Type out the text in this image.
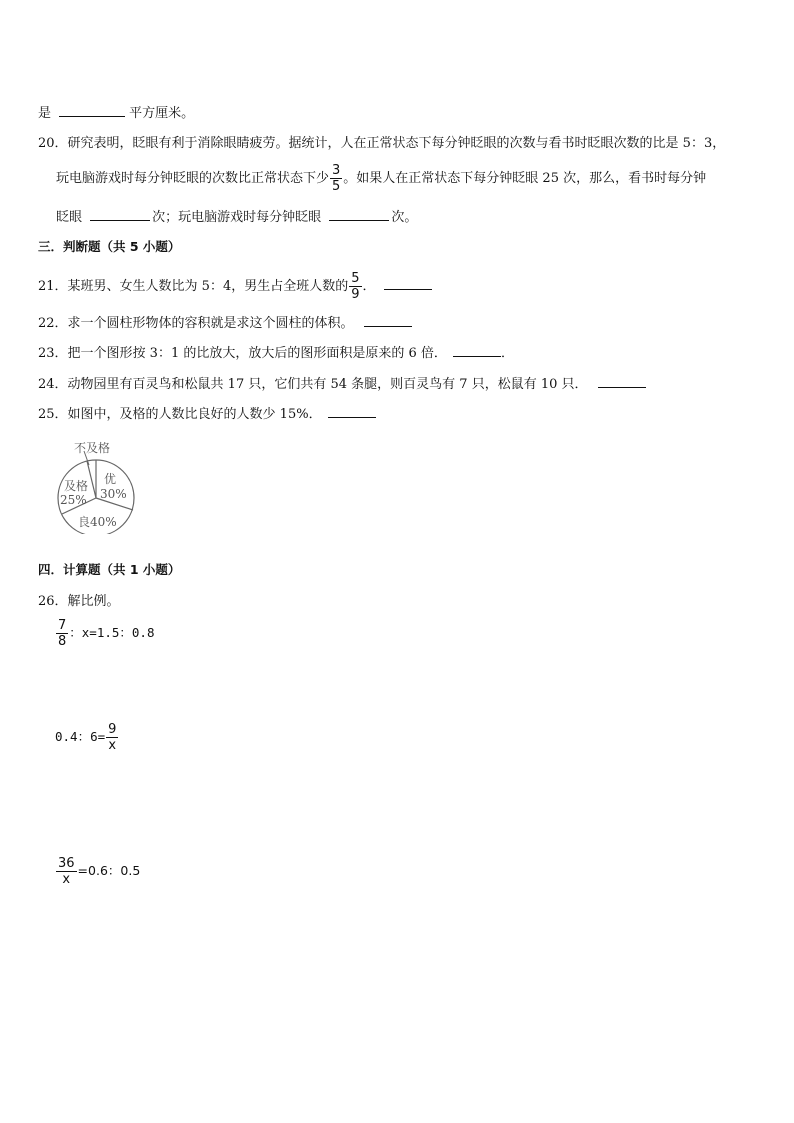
是	平方厘米。
20．研究表明，眨眼有利于消除眼睛疲劳。据统计，人在正常状态下每分钟眨眼的次数与看书时眨眼次数的比是 5：3，
玩电脑游戏时每分钟眨眼的次数比正常状态下少 $\frac{3}{5}$ 。如果人在正常状态下每分钟眨眼 25 次，那么，看书时每分钟
眨眼	次；玩电脑游戏时每分钟眨眼	次。
三．判断题（共 5 小题）
21．某班男、女生人数比为 5：4，男生占全班人数的 $\frac{5}{9}$ ．
22．求一个圆柱形物体的容积就是求这个圆柱的体积。
23．把一个图形按 3：1 的比放大，放大后的图形面积是原来的 6 倍．	．
24．动物园里有百灵鸟和松鼠共 17 只，它们共有 54 条腿，则百灵鸟有 7 只，松鼠有 10 只．
25．如图中，及格的人数比良好的人数少 15%．
不及格
优
30%
及格
25%
良40%
四．计算题（共 1 小题）
26．解比例。
$\frac{7}{8}$ ：x=1.5：0.8
0.4：$6= \frac{9}{x}$
$\frac{36}{x} =0.6$：0.5
